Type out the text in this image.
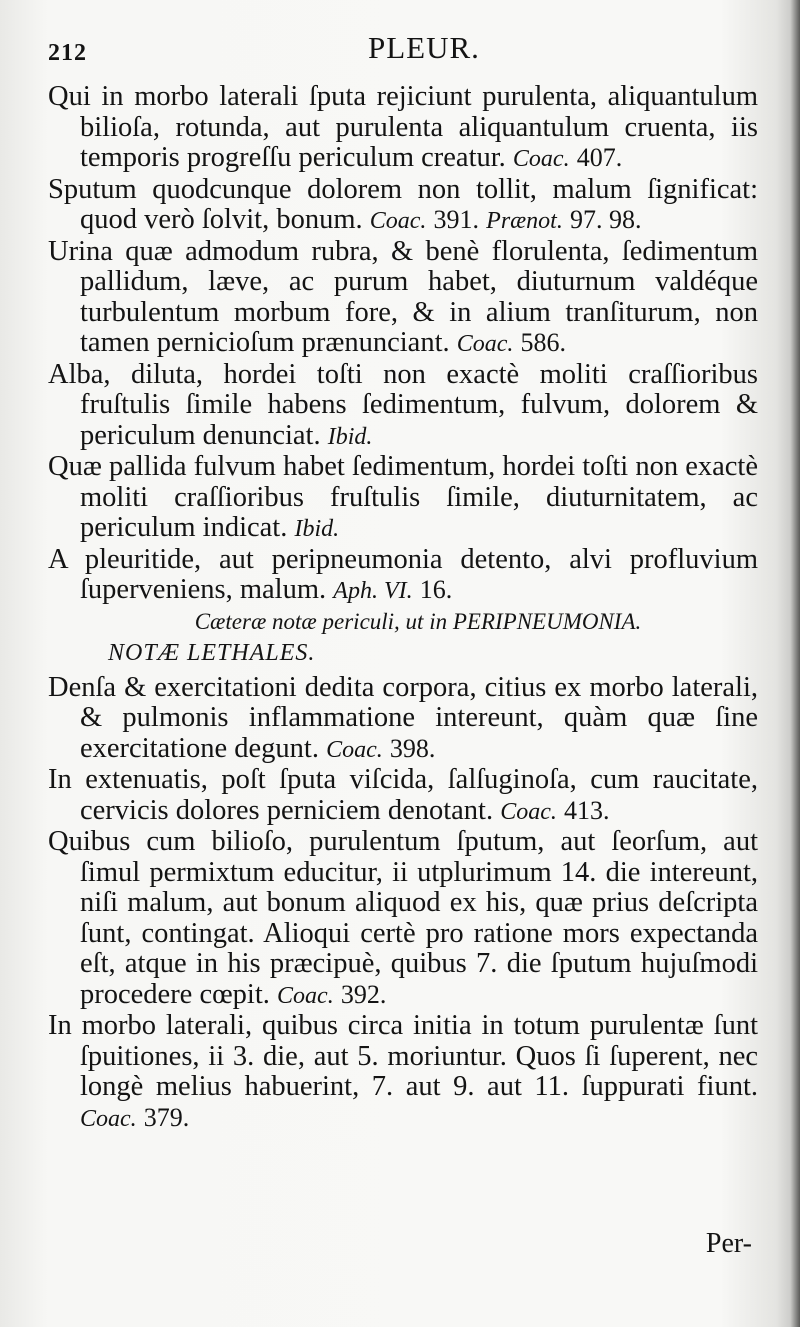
212	PLEUR.

Qui in morbo laterali ſputa rejiciunt purulenta, aliquantulum bilioſa, rotunda, aut purulenta aliquantulum cruenta, iis temporis progreſſu periculum creatur. Coac. 407.

Sputum quodcunque dolorem non tollit, malum ſignificat: quod verò ſolvit, bonum. Coac. 391. Prænot. 97. 98.

Urina quæ admodum rubra, & benè florulenta, ſedimentum pallidum, læve, ac purum habet, diuturnum valdéque turbulentum morbum fore, & in alium tranſiturum, non tamen pernicioſum prænunciant. Coac. 586.

Alba, diluta, hordei toſti non exactè moliti craſſioribus fruſtulis ſimile habens ſedimentum, fulvum, dolorem & periculum denunciat. Ibid.

Quæ pallida fulvum habet ſedimentum, hordei toſti non exactè moliti craſſioribus fruſtulis ſimile, diuturnitatem, ac periculum indicat. Ibid.

A pleuritide, aut peripneumonia detento, alvi profluvium ſuperveniens, malum. Aph. VI. 16.

Cæteræ notæ periculi, ut in PERIPNEUMONIA.

NOTÆ LETHALES.

Denſa & exercitationi dedita corpora, citius ex morbo laterali, & pulmonis inflammatione intereunt, quàm quæ ſine exercitatione degunt. Coac. 398.

In extenuatis, poſt ſputa viſcida, ſalſuginoſa, cum raucitate, cervicis dolores perniciem denotant. Coac. 413.

Quibus cum bilioſo, purulentum ſputum, aut ſeorſum, aut ſimul permixtum educitur, ii utplurimum 14. die intereunt, niſi malum, aut bonum aliquod ex his, quæ prius deſcripta ſunt, contingat. Alioqui certè pro ratione mors expectanda eſt, atque in his præcipuè, quibus 7. die ſputum hujuſmodi procedere cœpit. Coac. 392.

In morbo laterali, quibus circa initia in totum purulentæ ſunt ſpuitiones, ii 3. die, aut 5. moriuntur. Quos ſi ſuperent, nec longè melius habuerint, 7. aut 9. aut 11. ſuppurati fiunt. Coac. 379.

Per-
